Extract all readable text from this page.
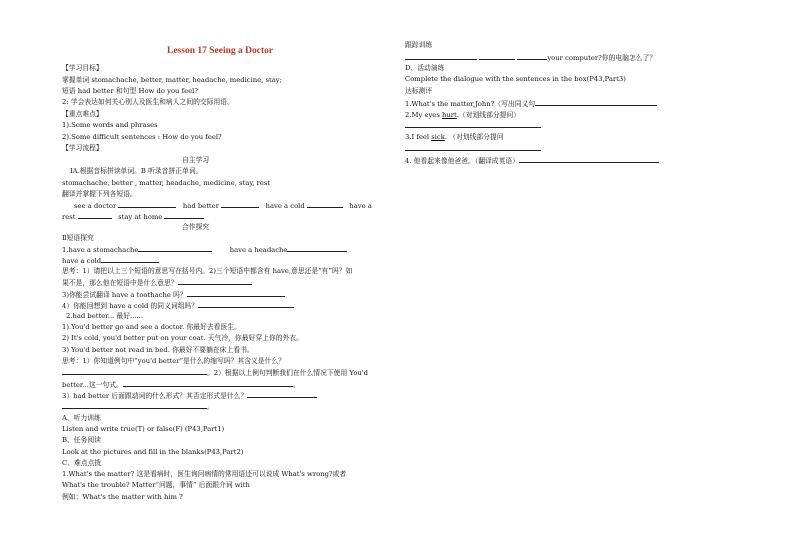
Lesson 17 Seeing a Doctor
【学习目标】
掌握单词 stomachache, better, matter, headache, medicine, stay;
短语 had better 和句型 How do you feel?
2: 学会表达如何关心别人及医生和病人之间的交际用语。
【重点难点】
1).Some words and phrases
2).Some difficult sentences : How do you feel?
【学习流程】
自主学习
ⅠA.根据音标拼读单词。B 听录音拼正单词。
stomachache, better , matter, headache, medicine, stay, rest
翻译并掌握下列各短语。
see a doctor	had better	have a cold	have a
rest	stay at home
合作探究
Ⅱ短语探究
1.have a stomachache	have a headache
have a cold
思考：1）请把以上三个短语的意思写在括号内。2)三个短语中都含有 have,意思还是“有”吗？如
果不是，那么他在短语中是什么意思？
3)你能尝试翻译 have a toothache 吗？
4）你能回想到 have a cold 的同义词组吗？
2.had better... 最好......
1).You'd better go and see a doctor. 你最好去看医生。
2) It's cold, you'd better put on your coat. 天气冷，你最好穿上你的外衣。
3) You'd better not read in bed. 你最好不要躺在床上看书。
思考：1）你知道例句中“you'd better”是什么的缩写吗？其含义是什么？
。2）根据以上例句判断我们在什么情况下使用 You'd
better...这一句式。	。
3）had better 后面跟动词的什么形式？其否定形式是什么？
。
A、听力训练
Listen and write true(T) or false(F) (P43,Part1)
B、任务阅读
Look at the pictures and fill in the blanks(P43,Part2)
C、难点点拨
1.What's the matter? 这是看病时，医生询问病情的常用语还可以说成 What's wrong?或者
What's the trouble? Matter“问题，事情” 后面跟介词 with
例如：What's the matter with him ?
跟踪训练
your computer?你的电脑怎么了？
D、活动演练
Complete the dialogue with the sentences in the box(P43,Part3)
达标测评
1.What's the matter,John?（写出同义句
2.My eyes hurt.（对划线部分提问）
3.I feel sick. （对划线部分提问
4. 他看起来像他爸爸。（翻译成英语）
